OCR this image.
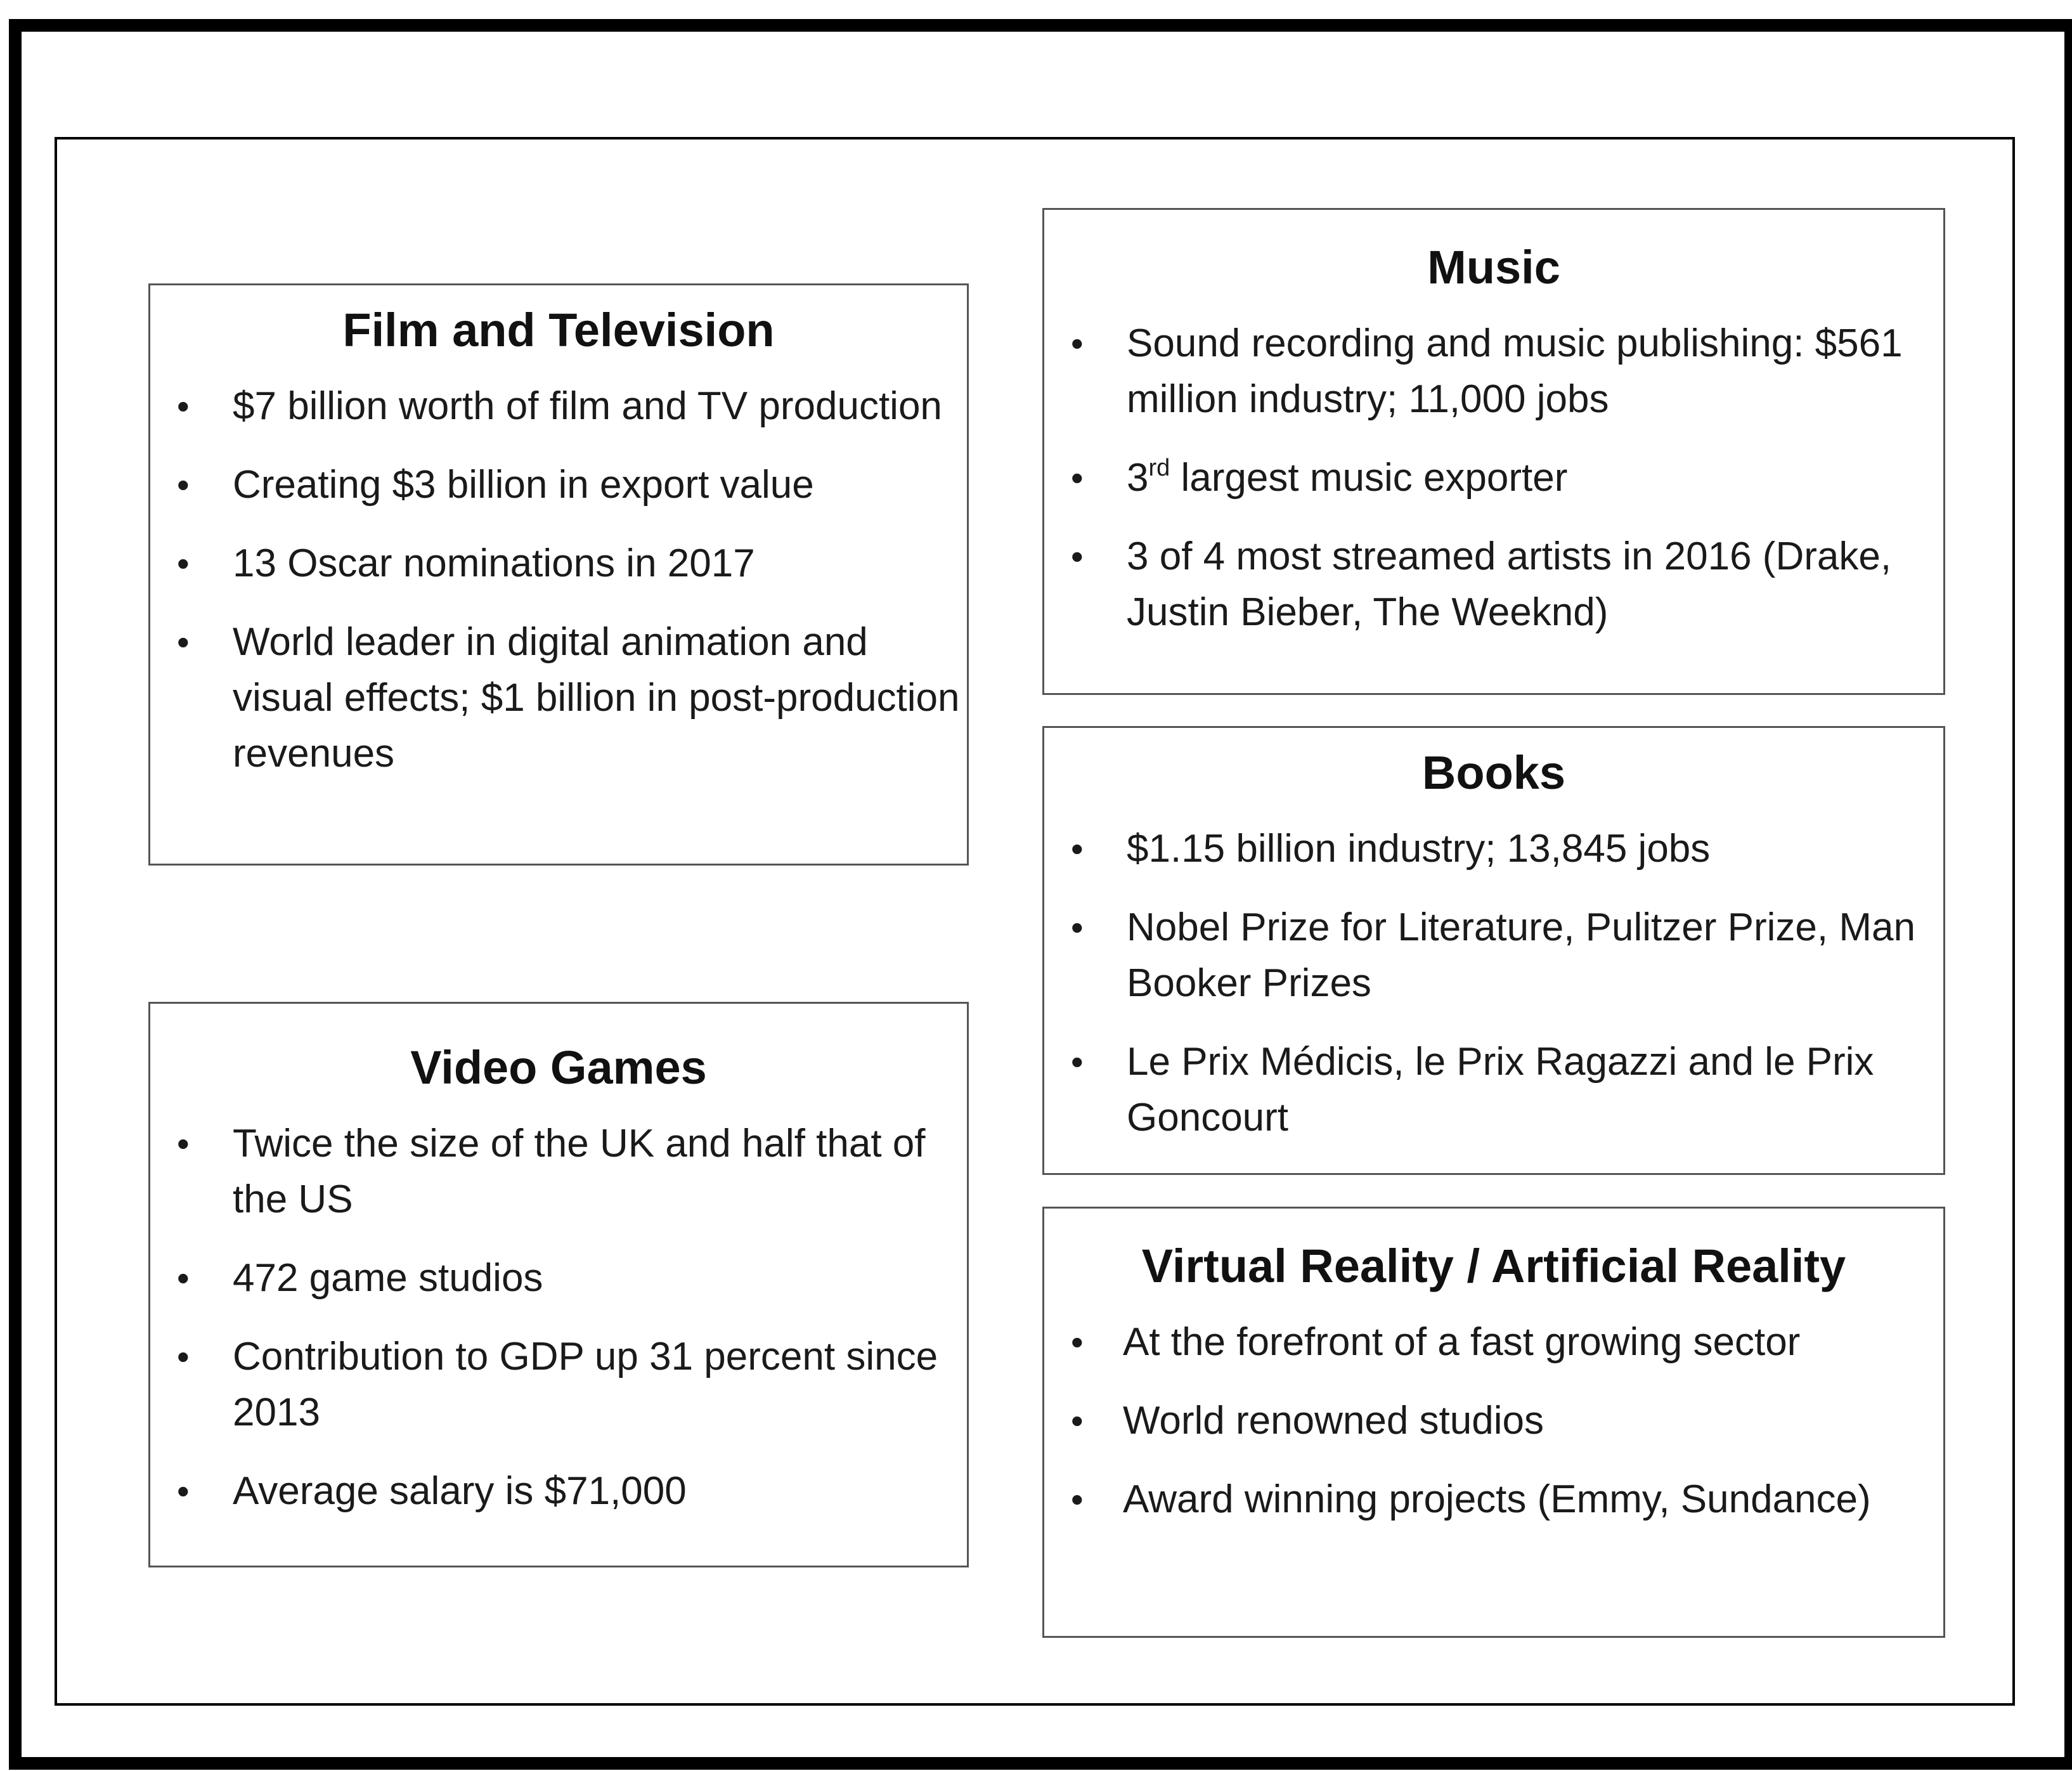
Film and Television
• $7 billion worth of film and TV production
• Creating $3 billion in export value
• 13 Oscar nominations in 2017
• World leader in digital animation and visual effects; $1 billion in post-production revenues
Video Games
• Twice the size of the UK and half that of the US
• 472 game studios
• Contribution to GDP up 31 percent since 2013
• Average salary is $71,000
Music
• Sound recording and music publishing: $561 million industry; 11,000 jobs
• 3rd largest music exporter
• 3 of 4 most streamed artists in 2016 (Drake, Justin Bieber, The Weeknd)
Books
• $1.15 billion industry; 13,845 jobs
• Nobel Prize for Literature, Pulitzer Prize, Man Booker Prizes
• Le Prix Médicis, le Prix Ragazzi and le Prix Goncourt
Virtual Reality / Artificial Reality
• At the forefront of a fast growing sector
• World renowned studios
• Award winning projects (Emmy, Sundance)
